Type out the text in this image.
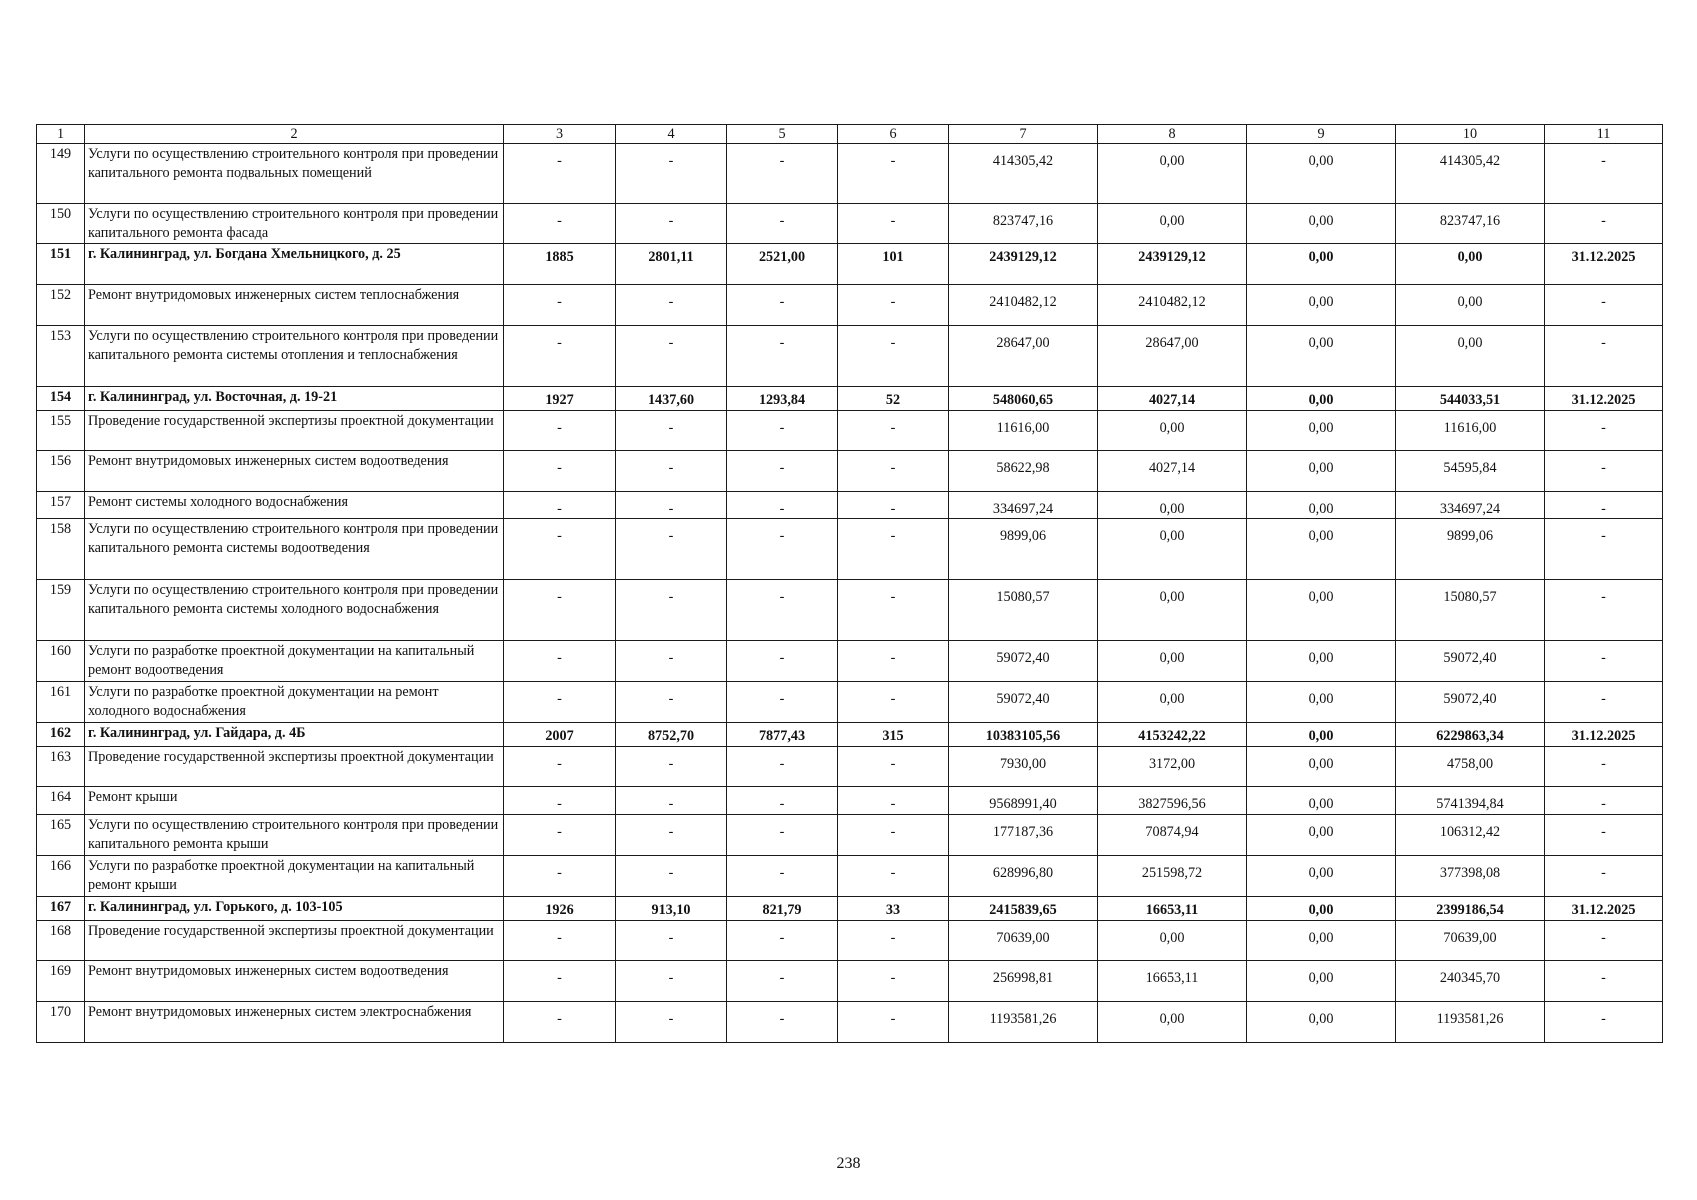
1	2	3	4	5	6	7	8	9	10	11
149	Услуги по осуществлению строительного контроля при проведении капитального ремонта подвальных помещений	-	-	-	-	414305,42	0,00	0,00	414305,42	-
150	Услуги по осуществлению строительного контроля при проведении капитального ремонта фасада	-	-	-	-	823747,16	0,00	0,00	823747,16	-
151	г. Калининград, ул. Богдана Хмельницкого, д. 25	1885	2801,11	2521,00	101	2439129,12	2439129,12	0,00	0,00	31.12.2025
152	Ремонт внутридомовых инженерных систем теплоснабжения	-	-	-	-	2410482,12	2410482,12	0,00	0,00	-
153	Услуги по осуществлению строительного контроля при проведении капитального ремонта системы отопления и теплоснабжения	-	-	-	-	28647,00	28647,00	0,00	0,00	-
154	г. Калининград, ул. Восточная, д. 19-21	1927	1437,60	1293,84	52	548060,65	4027,14	0,00	544033,51	31.12.2025
155	Проведение государственной экспертизы проектной документации	-	-	-	-	11616,00	0,00	0,00	11616,00	-
156	Ремонт внутридомовых инженерных систем водоотведения	-	-	-	-	58622,98	4027,14	0,00	54595,84	-
157	Ремонт системы холодного водоснабжения	-	-	-	-	334697,24	0,00	0,00	334697,24	-
158	Услуги по осуществлению строительного контроля при проведении капитального ремонта системы водоотведения	-	-	-	-	9899,06	0,00	0,00	9899,06	-
159	Услуги по осуществлению строительного контроля при проведении капитального ремонта системы холодного водоснабжения	-	-	-	-	15080,57	0,00	0,00	15080,57	-
160	Услуги по разработке проектной документации на капитальный ремонт водоотведения	-	-	-	-	59072,40	0,00	0,00	59072,40	-
161	Услуги по разработке проектной документации на ремонт холодного водоснабжения	-	-	-	-	59072,40	0,00	0,00	59072,40	-
162	г. Калининград, ул. Гайдара, д. 4Б	2007	8752,70	7877,43	315	10383105,56	4153242,22	0,00	6229863,34	31.12.2025
163	Проведение государственной экспертизы проектной документации	-	-	-	-	7930,00	3172,00	0,00	4758,00	-
164	Ремонт крыши	-	-	-	-	9568991,40	3827596,56	0,00	5741394,84	-
165	Услуги по осуществлению строительного контроля при проведении капитального ремонта крыши	-	-	-	-	177187,36	70874,94	0,00	106312,42	-
166	Услуги по разработке проектной документации на капитальный ремонт крыши	-	-	-	-	628996,80	251598,72	0,00	377398,08	-
167	г. Калининград, ул. Горького, д. 103-105	1926	913,10	821,79	33	2415839,65	16653,11	0,00	2399186,54	31.12.2025
168	Проведение государственной экспертизы проектной документации	-	-	-	-	70639,00	0,00	0,00	70639,00	-
169	Ремонт внутридомовых инженерных систем водоотведения	-	-	-	-	256998,81	16653,11	0,00	240345,70	-
170	Ремонт внутридомовых инженерных систем электроснабжения	-	-	-	-	1193581,26	0,00	0,00	1193581,26	-
238
